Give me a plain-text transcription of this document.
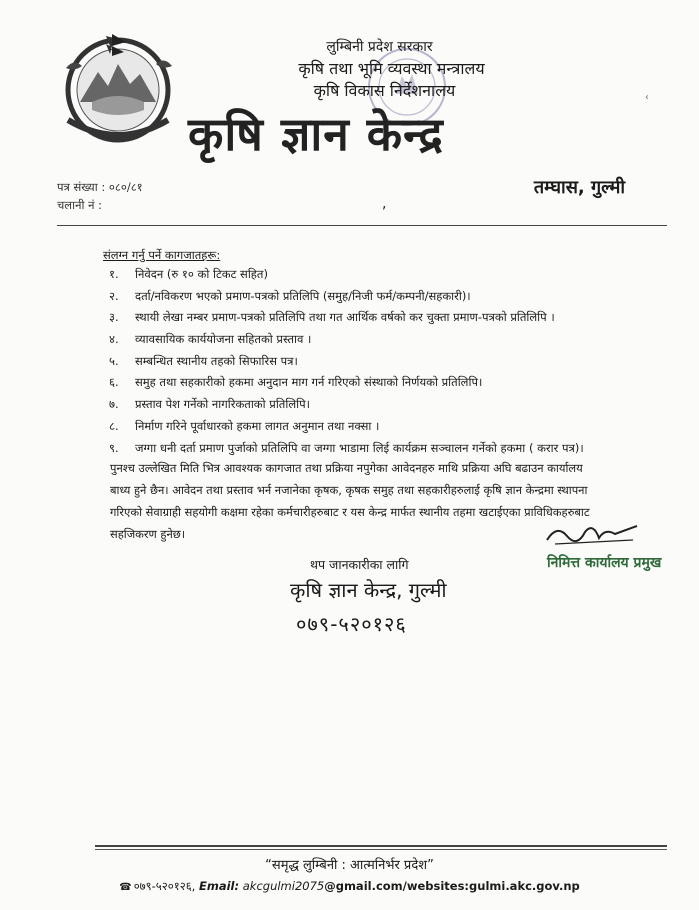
लुम्बिनी प्रदेश सरकार
कृषि तथा भूमि व्यवस्था मन्त्रालय
कृषि विकास निर्देशनालय
कृषि ज्ञान केन्द्र
‹
पत्र संख्या : ०८०/८१
चलानी नं :
तम्घास, गुल्मी
,
संलग्न गर्नु पर्ने कागजातहरू:
१.	निवेदन (रु १० को टिकट सहित)
२.	दर्ता/नविकरण भएको प्रमाण-पत्रको प्रतिलिपि (समुह/निजी फर्म/कम्पनी/सहकारी)।
३.	स्थायी लेखा नम्बर प्रमाण-पत्रको प्रतिलिपि तथा गत आर्थिक वर्षको कर चुक्ता प्रमाण-पत्रको प्रतिलिपि ।
४.	व्यावसायिक कार्ययोजना सहितको प्रस्ताव ।
५.	सम्बन्धित स्थानीय तहको सिफारिस पत्र।
६.	समुह तथा सहकारीको हकमा अनुदान माग गर्न गरिएको संस्थाको निर्णयको प्रतिलिपि।
७.	प्रस्ताव पेश गर्नेको नागरिकताको प्रतिलिपि।
८.	निर्माण गरिने पूर्वाधारको हकमा लागत अनुमान तथा नक्सा ।
९.	जग्गा धनी दर्ता प्रमाण पुर्जाको प्रतिलिपि वा जग्गा भाडामा लिई कार्यक्रम सञ्चालन गर्नेको हकमा ( करार पत्र)।
पुनश्च उल्लेखित मिति भित्र आवश्यक कागजात तथा प्रक्रिया नपुगेका आवेदनहरु माथि प्रक्रिया अघि बढाउन कार्यालय
बाध्य हुने छैन। आवेदन तथा प्रस्ताव भर्न नजानेका कृषक, कृषक समुह तथा सहकारीहरुलाई कृषि ज्ञान केन्द्रमा स्थापना
गरिएको सेवाग्राही सहयोगी कक्षमा रहेका कर्मचारीहरुबाट र यस केन्द्र मार्फत स्थानीय तहमा खटाईएका प्राविधिकहरुबाट
सहजिकरण हुनेछ।
निमित्त कार्यालय प्रमुख
थप जानकारीका लागि
कृषि ज्ञान केन्द्र, गुल्मी
०७९-५२०१२६
“समृद्ध लुम्बिनी : आत्मनिर्भर प्रदेश”
☎ ०७९-५२०१२६, Email: akcgulmi2075@gmail.com/websites:gulmi.akc.gov.np
